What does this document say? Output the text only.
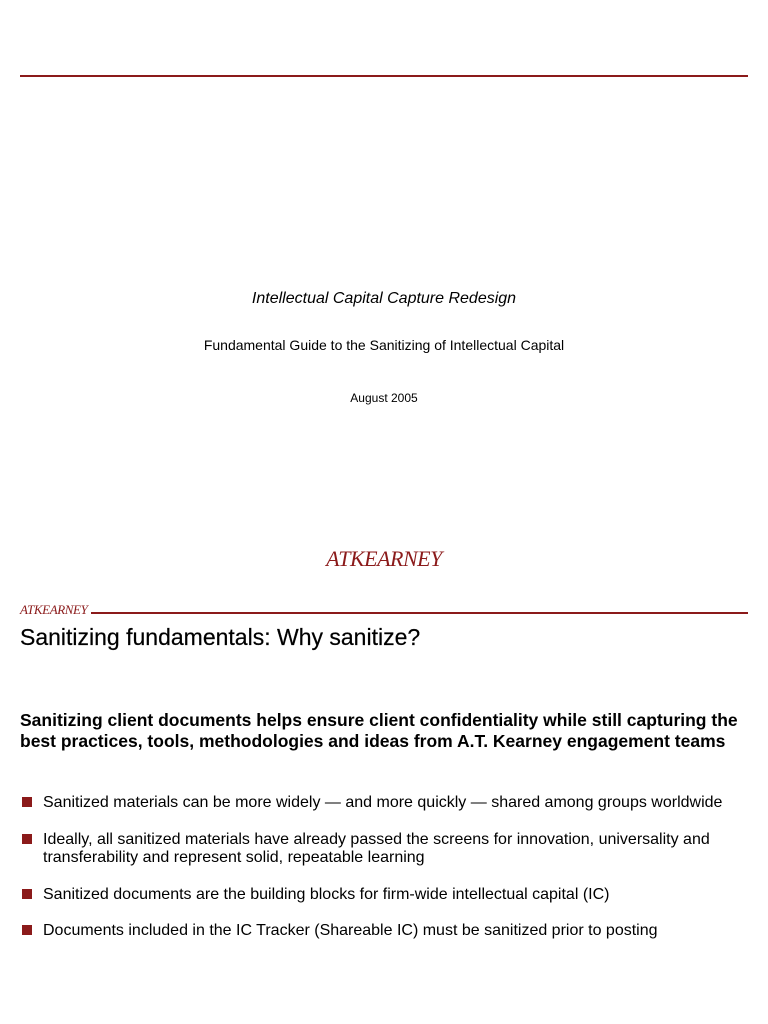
Intellectual Capital Capture Redesign
Fundamental Guide to the Sanitizing of Intellectual Capital
August 2005
ATKEARNEY
ATKEARNEY
Sanitizing fundamentals: Why sanitize?

Sanitizing client documents helps ensure client confidentiality while still capturing the best practices, tools, methodologies and ideas from A.T. Kearney engagement teams

Sanitized materials can be more widely — and more quickly — shared among groups worldwide
Ideally, all sanitized materials have already passed the screens for innovation, universality and transferability and represent solid, repeatable learning
Sanitized documents are the building blocks for firm-wide intellectual capital (IC)
Documents included in the IC Tracker (Shareable IC) must be sanitized prior to posting
